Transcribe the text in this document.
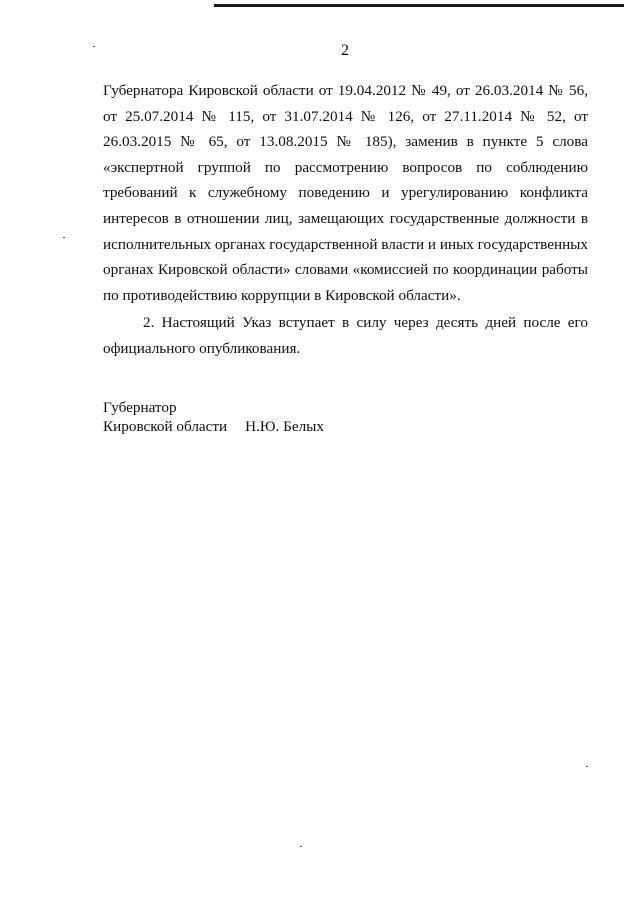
2

Губернатора Кировской области от 19.04.2012 № 49, от 26.03.2014 № 56, от 25.07.2014 № 115, от 31.07.2014 № 126, от 27.11.2014 № 52, от 26.03.2015 № 65, от 13.08.2015 № 185), заменив в пункте 5 слова «экспертной группой по рассмотрению вопросов по соблюдению требований к служебному поведению и урегулированию конфликта интересов в отношении лиц, замещающих государственные должности в исполнительных органах государственной власти и иных государственных органах Кировской области» словами «комиссией по координации работы по противодействию коррупции в Кировской области».

2. Настоящий Указ вступает в силу через десять дней после его официального опубликования.

Губернатор
Кировской области Н.Ю. Белых
